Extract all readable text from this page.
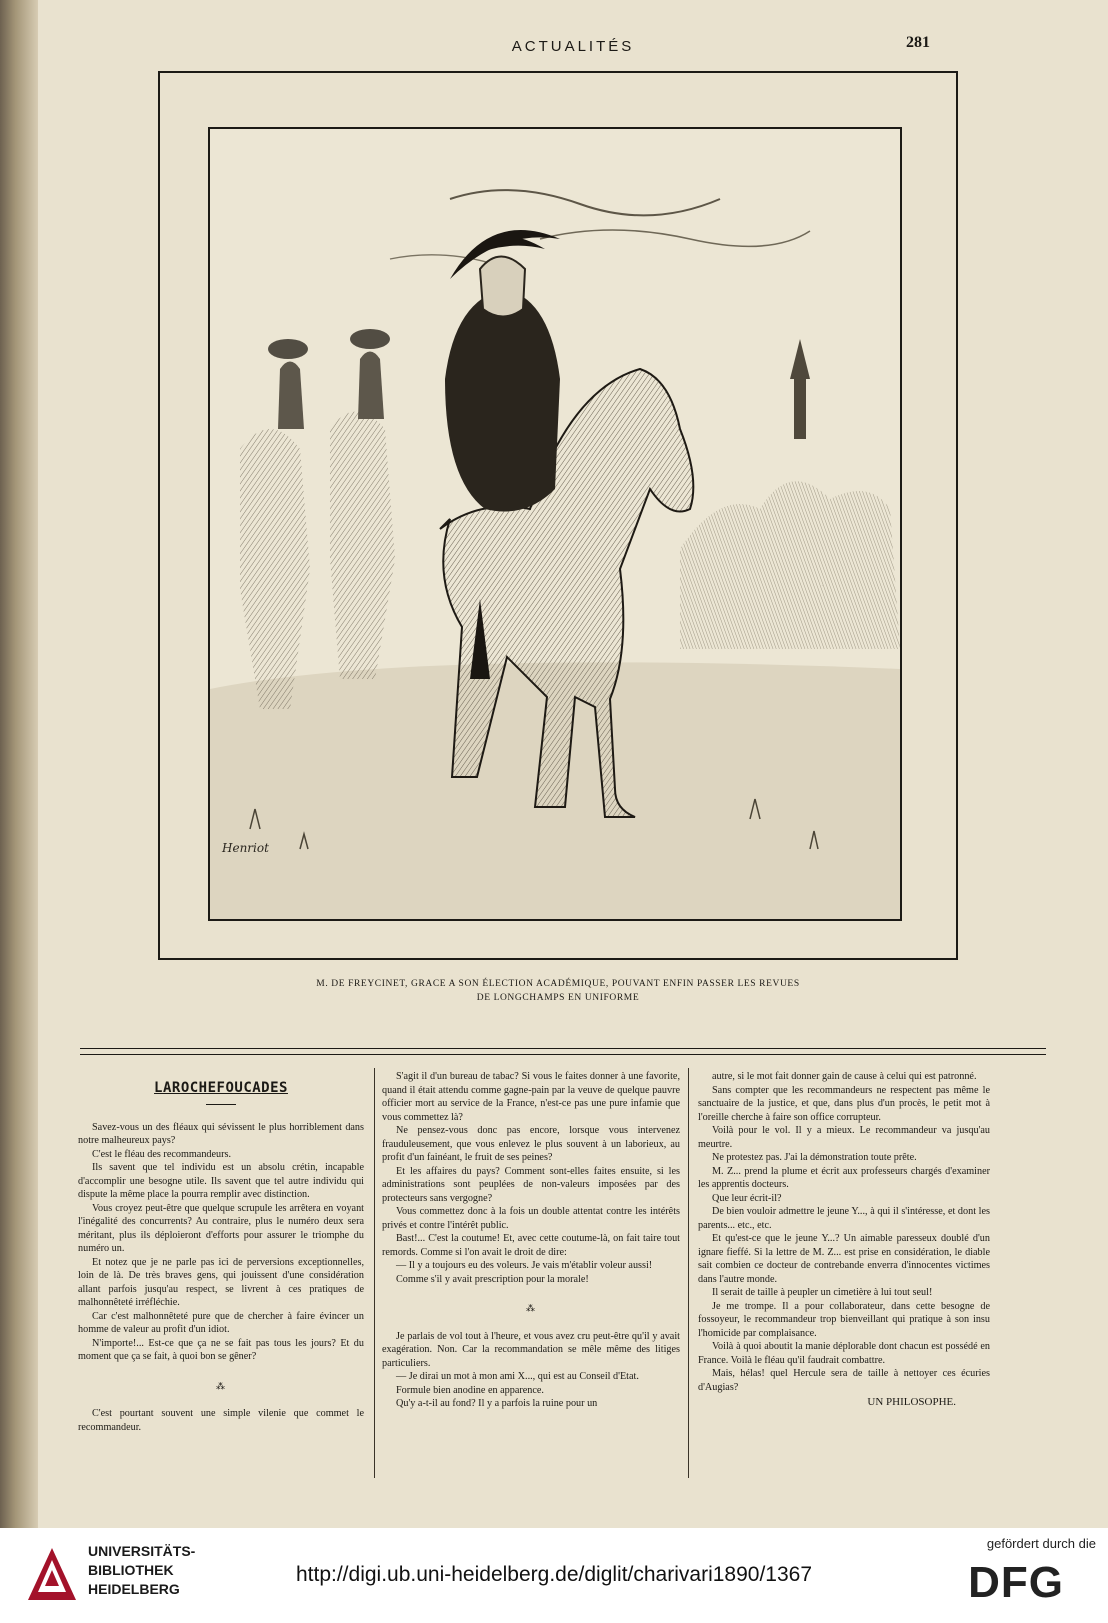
ACTUALITÉS	281
Henriot
M. DE FREYCINET, GRACE A SON ÉLECTION ACADÉMIQUE, POUVANT ENFIN PASSER LES REVUES
DE LONGCHAMPS EN UNIFORME
LAROCHEFOUCADES

Savez-vous un des fléaux qui sévissent le plus horriblement dans notre malheureux pays?

C'est le fléau des recommandeurs.

Ils savent que tel individu est un absolu crétin, incapable d'accomplir une besogne utile. Ils savent que tel autre individu qui dispute la même place la pourra remplir avec distinction.

Vous croyez peut-être que quelque scrupule les arrêtera en voyant l'inégalité des concurrents? Au contraire, plus le numéro deux sera méritant, plus ils déploieront d'efforts pour assurer le triomphe du numéro un.

Et notez que je ne parle pas ici de perversions exceptionnelles, loin de là. De très braves gens, qui jouissent d'une considération allant parfois jusqu'au respect, se livrent à ces pratiques de malhonnêteté irréfléchie.

Car c'est malhonnêteté pure que de chercher à faire évincer un homme de valeur au profit d'un idiot.

N'importe!... Est-ce que ça ne se fait pas tous les jours? Et du moment que ça se fait, à quoi bon se gêner?

⁂

C'est pourtant souvent une simple vilenie que commet le recommandeur.

S'agit il d'un bureau de tabac? Si vous le faites donner à une favorite, quand il était attendu comme gagne-pain par la veuve de quelque pauvre officier mort au service de la France, n'est-ce pas une pure infamie que vous commettez là?

Ne pensez-vous donc pas encore, lorsque vous intervenez frauduleusement, que vous enlevez le plus souvent à un laborieux, au profit d'un fainéant, le fruit de ses peines?

Et les affaires du pays? Comment sont-elles faites ensuite, si les administrations sont peuplées de non-valeurs imposées par des protecteurs sans vergogne?

Vous commettez donc à la fois un double attentat contre les intérêts privés et contre l'intérêt public.

Bast!... C'est la coutume! Et, avec cette coutume-là, on fait taire tout remords. Comme si l'on avait le droit de dire:

— Il y a toujours eu des voleurs. Je vais m'établir voleur aussi!

Comme s'il y avait prescription pour la morale!

⁂

Je parlais de vol tout à l'heure, et vous avez cru peut-être qu'il y avait exagération. Non. Car la recommandation se mêle même des litiges particuliers.

— Je dirai un mot à mon ami X..., qui est au Conseil d'Etat.

Formule bien anodine en apparence.

Qu'y a-t-il au fond? Il y a parfois la ruine pour un

autre, si le mot fait donner gain de cause à celui qui est patronné.

Sans compter que les recommandeurs ne respectent pas même le sanctuaire de la justice, et que, dans plus d'un procès, le petit mot à l'oreille cherche à faire son office corrupteur.

Voilà pour le vol. Il y a mieux. Le recommandeur va jusqu'au meurtre.

Ne protestez pas. J'ai la démonstration toute prête.

M. Z... prend la plume et écrit aux professeurs chargés d'examiner les apprentis docteurs.

Que leur écrit-il?

De bien vouloir admettre le jeune Y..., à qui il s'intéresse, et dont les parents... etc., etc.

Et qu'est-ce que le jeune Y...? Un aimable paresseux doublé d'un ignare fieffé. Si la lettre de M. Z... est prise en considération, le diable sait combien ce docteur de contrebande enverra d'innocentes victimes dans l'autre monde.

Il serait de taille à peupler un cimetière à lui tout seul!

Je me trompe. Il a pour collaborateur, dans cette besogne de fossoyeur, le recommandeur trop bienveillant qui pratique à son insu l'homicide par complaisance.

Voilà à quoi aboutit la manie déplorable dont chacun est possédé en France. Voilà le fléau qu'il faudrait combattre.

Mais, hélas! quel Hercule sera de taille à nettoyer ces écuries d'Augias?

UN PHILOSOPHE.
UNIVERSITÄTS-
BIBLIOTHEK
HEIDELBERG
http://digi.ub.uni-heidelberg.de/diglit/charivari1890/1367
gefördert durch die
DFG
